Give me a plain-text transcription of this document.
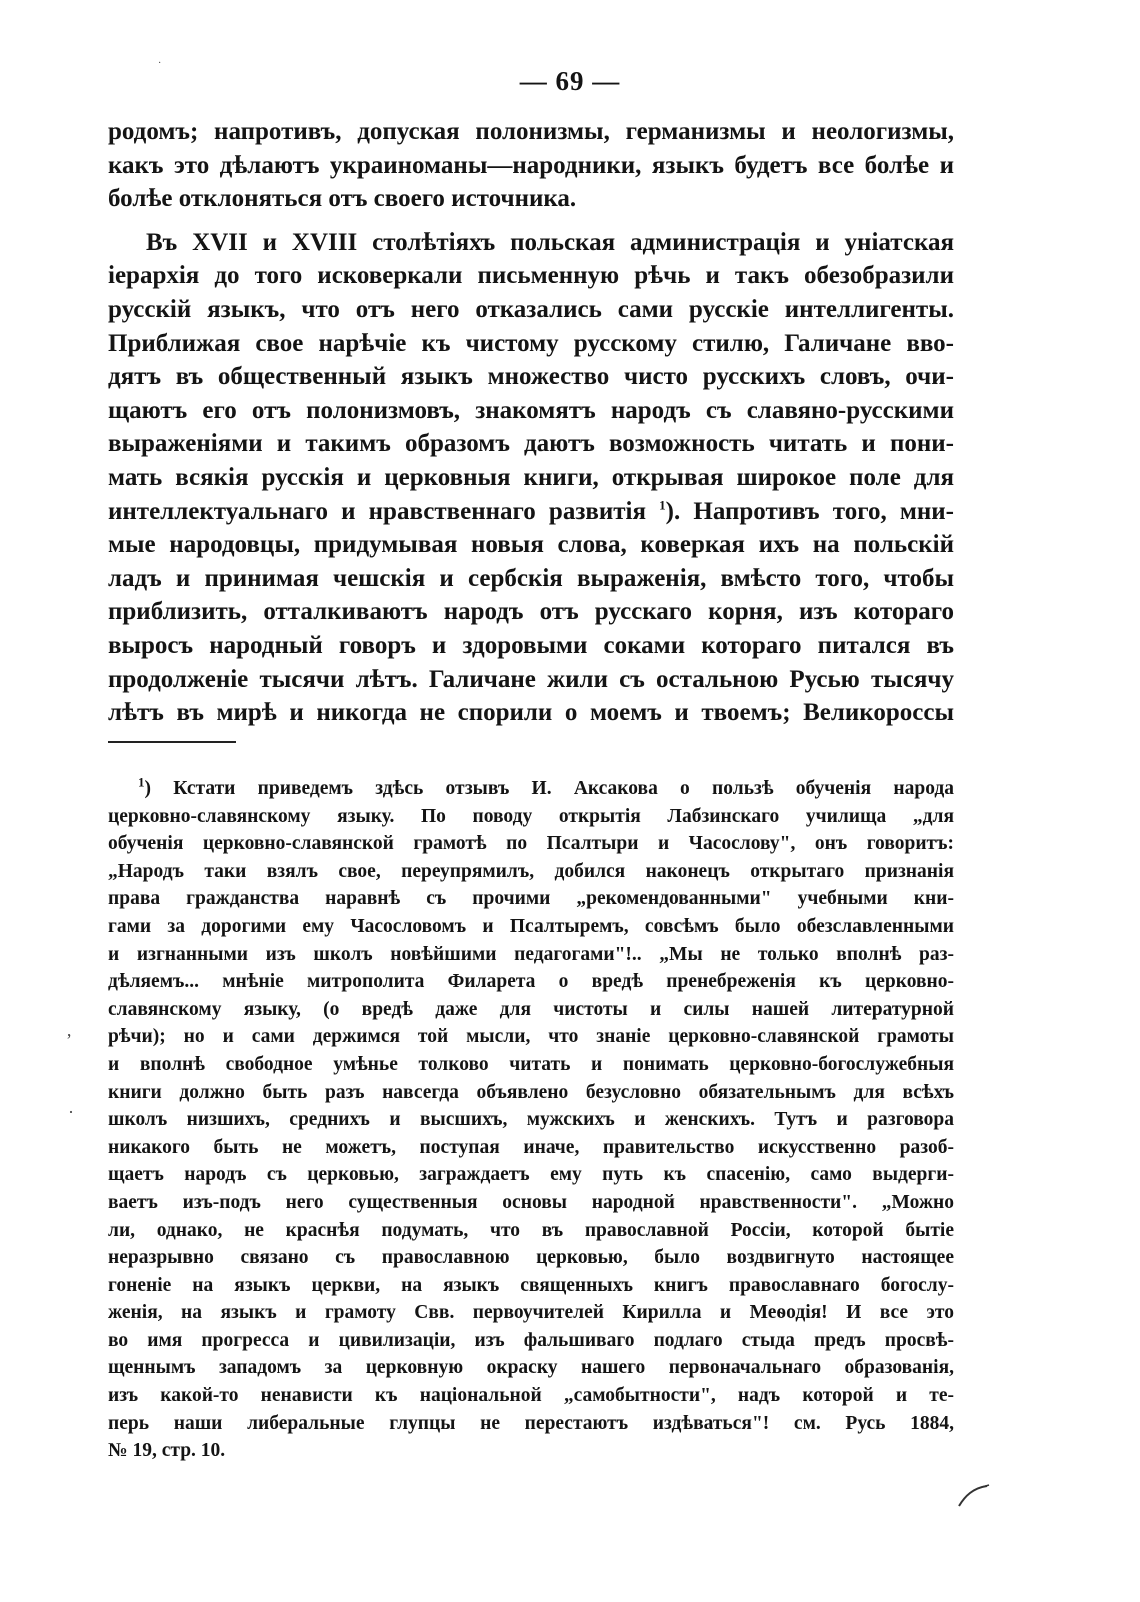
— 69 —
родомъ; напротивъ, допуская полонизмы, германизмы и неологизмы,
какъ это дѣлаютъ украиноманы—народники, языкъ будетъ все болѣе и
болѣе отклоняться отъ своего источника.
Въ XVII и XVIII столѣтіяхъ польская администрація и уніатская
іерархія до того исковеркали письменную рѣчь и такъ обезобразили
русскій языкъ, что отъ него отказались сами русскіе интеллигенты.
Приближая свое нарѣчіе къ чистому русскому стилю, Галичане вво-
дятъ въ общественный языкъ множество чисто русскихъ словъ, очи-
щаютъ его отъ полонизмовъ, знакомятъ народъ съ славяно-русскими
выраженіями и такимъ образомъ даютъ возможность читать и пони-
мать всякія русскія и церковныя книги, открывая широкое поле для
интеллектуальнаго и нравственнаго развитія $^1$). Напротивъ того, мни-
мые народовцы, придумывая новыя слова, коверкая ихъ на польскій
ладъ и принимая чешскія и сербскія выраженія, вмѣсто того, чтобы
приблизить, отталкиваютъ народъ отъ русскаго корня, изъ котораго
выросъ народный говоръ и здоровыми соками котораго питался въ
продолженіе тысячи лѣтъ. Галичане жили съ остальною Русью тысячу
лѣтъ въ мирѣ и никогда не спорили о моемъ и твоемъ; Великороссы
$^1$) Кстати приведемъ здѣсь отзывъ И. Аксакова о пользѣ обученія народа
церковно-славянскому языку. По поводу открытія Лабзинскаго училища „для
обученія церковно-славянской грамотѣ по Псалтыри и Часослову", онъ говоритъ:
„Народъ таки взялъ свое, переупрямилъ, добился наконецъ открытаго признанія
права гражданства наравнѣ съ прочими „рекомендованными" учебными кни-
гами за дорогими ему Часословомъ и Псалтыремъ, совсѣмъ было обезславленными
и изгнанными изъ школъ новѣйшими педагогами"!.. „Мы не только вполнѣ раз-
дѣляемъ... мнѣніе митрополита Филарета о вредѣ пренебреженія къ церковно-
славянскому языку, (о вредѣ даже для чистоты и силы нашей литературной
рѣчи); но и сами держимся той мысли, что знаніе церковно-славянской грамоты
и вполнѣ свободное умѣнье толково читать и понимать церковно-богослужебныя
книги должно быть разъ навсегда объявлено безусловно обязательнымъ для всѣхъ
школъ низшихъ, среднихъ и высшихъ, мужскихъ и женскихъ. Тутъ и разговора
никакого быть не можетъ, поступая иначе, правительство искусственно разоб-
щаетъ народъ съ церковью, заграждаетъ ему путь къ спасенію, само выдерги-
ваетъ изъ-подъ него существенныя основы народной нравственности". „Можно
ли, однако, не краснѣя подумать, что въ православной Россіи, которой бытіе
неразрывно связано съ православною церковью, было воздвигнуто настоящее
гоненіе на языкъ церкви, на языкъ священныхъ книгъ православнаго богослу-
женія, на языкъ и грамоту Свв. первоучителей Кирилла и Меѳодія! И все это
во имя прогресса и цивилизаціи, изъ фальшиваго подлаго стыда предъ просвѣ-
щеннымъ западомъ за церковную окраску нашего первоначальнаго образованія,
изъ какой-то ненависти къ національной „самобытности", надъ которой и те-
перь наши либеральные глупцы не перестаютъ издѣваться"! см. Русь 1884,
№ 19, стр. 10.
·
ʼ
·
